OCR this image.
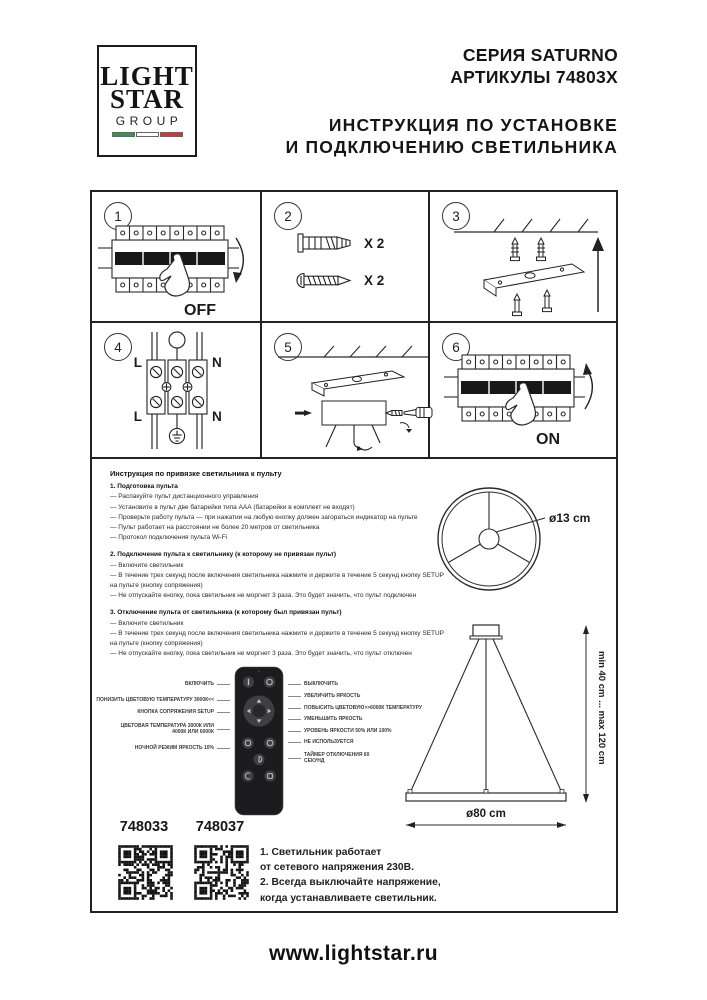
LIGHT
STAR
GROUP
СЕРИЯ SATURNO
АРТИКУЛЫ 74803X
ИНСТРУКЦИЯ ПО УСТАНОВКЕ
И ПОДКЛЮЧЕНИЮ СВЕТИЛЬНИКА
1
OFF
2
X 2
X 2
3
4
L	N
L	N
5	6
ON
Инструкция по привязке светильника к пульту
1. Подготовка пульта
— Распакуйте пульт дистанционного управления
— Установите в пульт две батарейки типа ААА (батарейки в комплект не входят)
— Проверьте работу пульта — при нажатии на любую кнопку должен загораться индикатор на пульте
— Пульт работает на расстоянии не более 20 метров от светильника
— Протокол подключения пульта Wi-Fi
2. Подключение пульта к светильнику (к которому не привязан пульт)
— Включите светильник
— В течение трех секунд после включения светильника нажмите и держите в течение 5 секунд кнопку SETUP на пульте (кнопку сопряжения)
— Не отпускайте кнопку, пока светильник не моргнет 3 раза. Это будет значить, что пульт подключен
3. Отключение пульта от светильника (к которому был привязан пульт)
— Включите светильник
— В течение трех секунд после включения светильника нажмите и держите в течение 5 секунд кнопку SETUP на пульте (кнопку сопряжения)
— Не отпускайте кнопку, пока светильник не моргнет 3 раза. Это будет значить, что пульт отключен
ø13 cm
ВКЛЮЧИТЬ
ПОНИЗИТЬ ЦВЕТОВУЮ ТЕМПЕРАТУРУ 3000К<<
КНОПКА СОПРЯЖЕНИЯ SETUP
ЦВЕТОВАЯ ТЕМПЕРАТУРА 3000К ИЛИ 4000К ИЛИ 6000К
НОЧНОЙ РЕЖИМ ЯРКОСТЬ 10%
ВЫКЛЮЧИТЬ
УВЕЛИЧИТЬ ЯРКОСТЬ
ПОВЫСИТЬ ЦВЕТОВУЮ>>6000К ТЕМПЕРАТУРУ
УМЕНЬШИТЬ ЯРКОСТЬ
УРОВЕНЬ ЯРКОСТИ 50% ИЛИ 100%
НЕ ИСПОЛЬЗУЕТСЯ
ТАЙМЕР ОТКЛЮЧЕНИЯ 60 СЕКУНД	min 40 cm ... max 120 cm
ø80 cm
748033	748037
1. Светильник работает
от сетевого напряжения 230В.
2. Всегда выключайте напряжение,
когда устанавливаете светильник.
www.lightstar.ru
